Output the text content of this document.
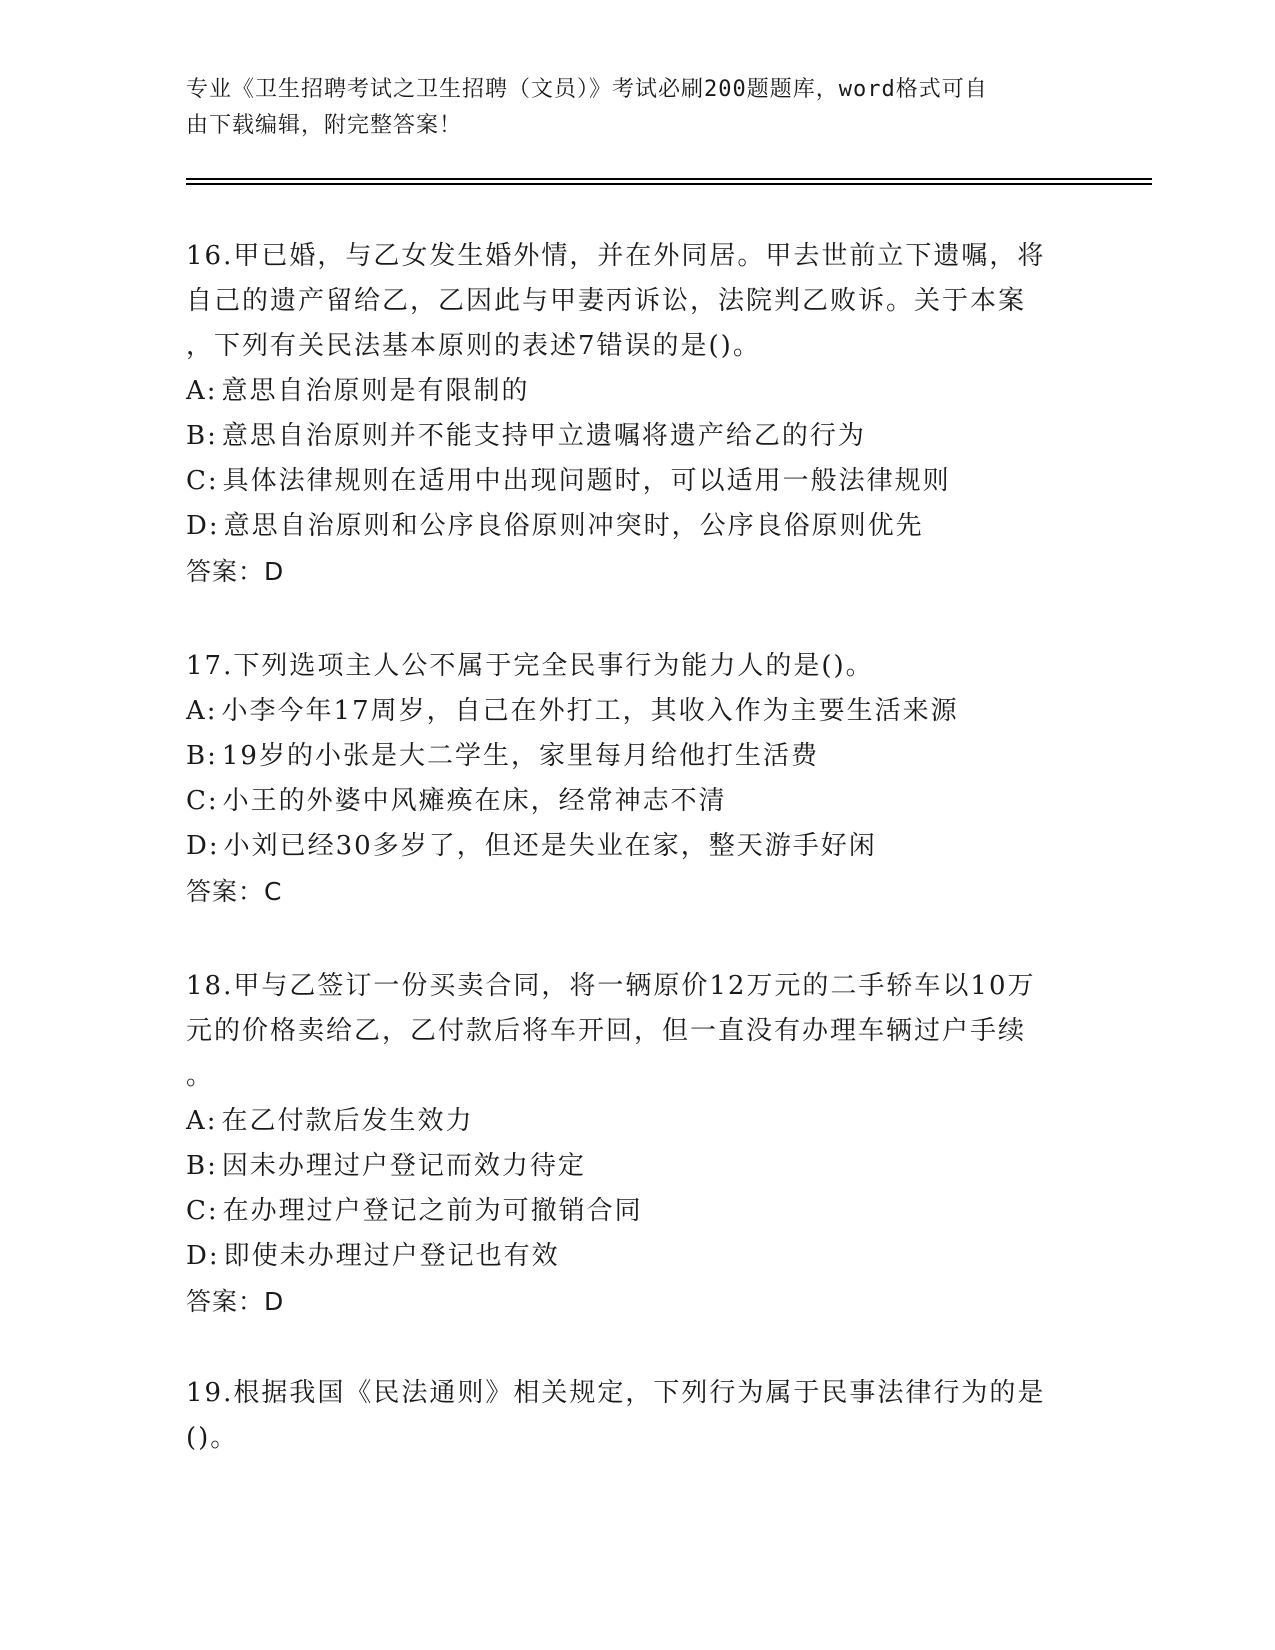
专业《卫生招聘考试之卫生招聘（文员）》考试必刷200题题库，word格式可自
由下载编辑，附完整答案！
16.甲已婚，与乙女发生婚外情，并在外同居。甲去世前立下遗嘱，将
自己的遗产留给乙，乙因此与甲妻丙诉讼，法院判乙败诉。关于本案
，下列有关民法基本原则的表述7错误的是()。
A: 意思自治原则是有限制的
B: 意思自治原则并不能支持甲立遗嘱将遗产给乙的行为
C: 具体法律规则在适用中出现问题时，可以适用一般法律规则
D: 意思自治原则和公序良俗原则冲突时，公序良俗原则优先
答案：D
17.下列选项主人公不属于完全民事行为能力人的是()。
A: 小李今年17周岁，自己在外打工，其收入作为主要生活来源
B: 19岁的小张是大二学生，家里每月给他打生活费
C: 小王的外婆中风瘫痪在床，经常神志不清
D: 小刘已经30多岁了，但还是失业在家，整天游手好闲
答案：C
18.甲与乙签订一份买卖合同，将一辆原价12万元的二手轿车以10万
元的价格卖给乙，乙付款后将车开回，但一直没有办理车辆过户手续
。
A: 在乙付款后发生效力
B: 因未办理过户登记而效力待定
C: 在办理过户登记之前为可撤销合同
D: 即使未办理过户登记也有效
答案：D
19.根据我国《民法通则》相关规定，下列行为属于民事法律行为的是
()。
